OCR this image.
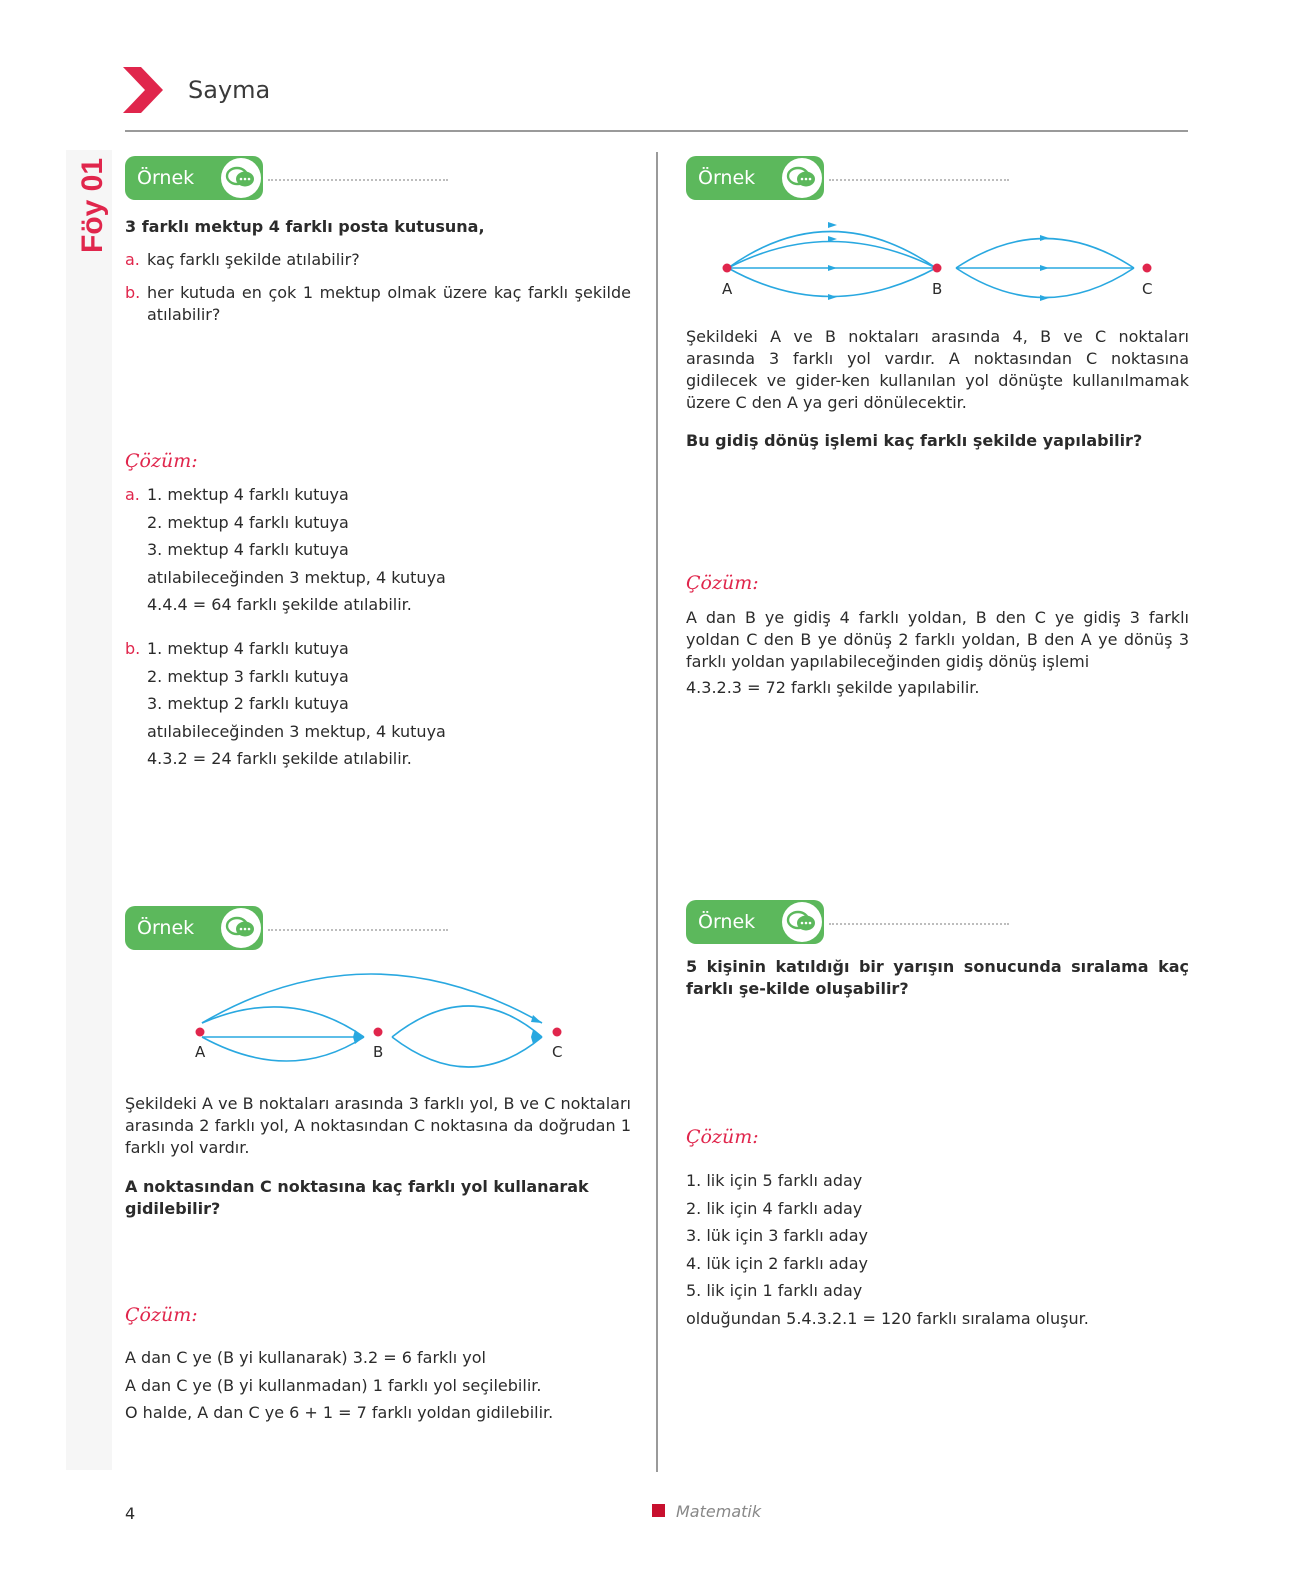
Sayma
Föy 01 Örnek
3 farklı mektup 4 farklı posta kutusuna,
a. kaç farklı şekilde atılabilir?
b. her kutuda en çok 1 mektup olmak üzere kaç farklı şekilde atılabilir?
Çözüm:
a. 1. mektup 4 farklı kutuya
2. mektup 4 farklı kutuya
3. mektup 4 farklı kutuya
atılabileceğinden 3 mektup, 4 kutuya
4.4.4 = 64 farklı şekilde atılabilir.
b. 1. mektup 4 farklı kutuya
2. mektup 3 farklı kutuya
3. mektup 2 farklı kutuya
atılabileceğinden 3 mektup, 4 kutuya
4.3.2 = 24 farklı şekilde atılabilir.
Örnek
A	B	C
Şekildeki A ve B noktaları arasında 4, B ve C noktaları arasında 3 farklı yol vardır. A noktasından C noktasına gidilecek ve gider-ken kullanılan yol dönüşte kullanılmamak üzere C den A ya geri dönülecektir.
Bu gidiş dönüş işlemi kaç farklı şekilde yapılabilir?
Çözüm:
A dan B ye gidiş 4 farklı yoldan, B den C ye gidiş 3 farklı yoldan C den B ye dönüş 2 farklı yoldan, B den A ye dönüş 3 farklı yoldan yapılabileceğinden gidiş dönüş işlemi
4.3.2.3 = 72 farklı şekilde yapılabilir.
Örnek
A	B	C
Şekildeki A ve B noktaları arasında 3 farklı yol, B ve C noktaları arasında 2 farklı yol, A noktasından C noktasına da doğrudan 1 farklı yol vardır.
A noktasından C noktasına kaç farklı yol kullanarak gidilebilir?
Çözüm:
A dan C ye (B yi kullanarak) 3.2 = 6 farklı yol
A dan C ye (B yi kullanmadan) 1 farklı yol seçilebilir.
O halde, A dan C ye 6 + 1 = 7 farklı yoldan gidilebilir.
Örnek
5 kişinin katıldığı bir yarışın sonucunda sıralama kaç farklı şe-kilde oluşabilir?
Çözüm:
1. lik için 5 farklı aday
2. lik için 4 farklı aday
3. lük için 3 farklı aday
4. lük için 2 farklı aday
5. lik için 1 farklı aday
olduğundan 5.4.3.2.1 = 120 farklı sıralama oluşur.
4	Matematik
